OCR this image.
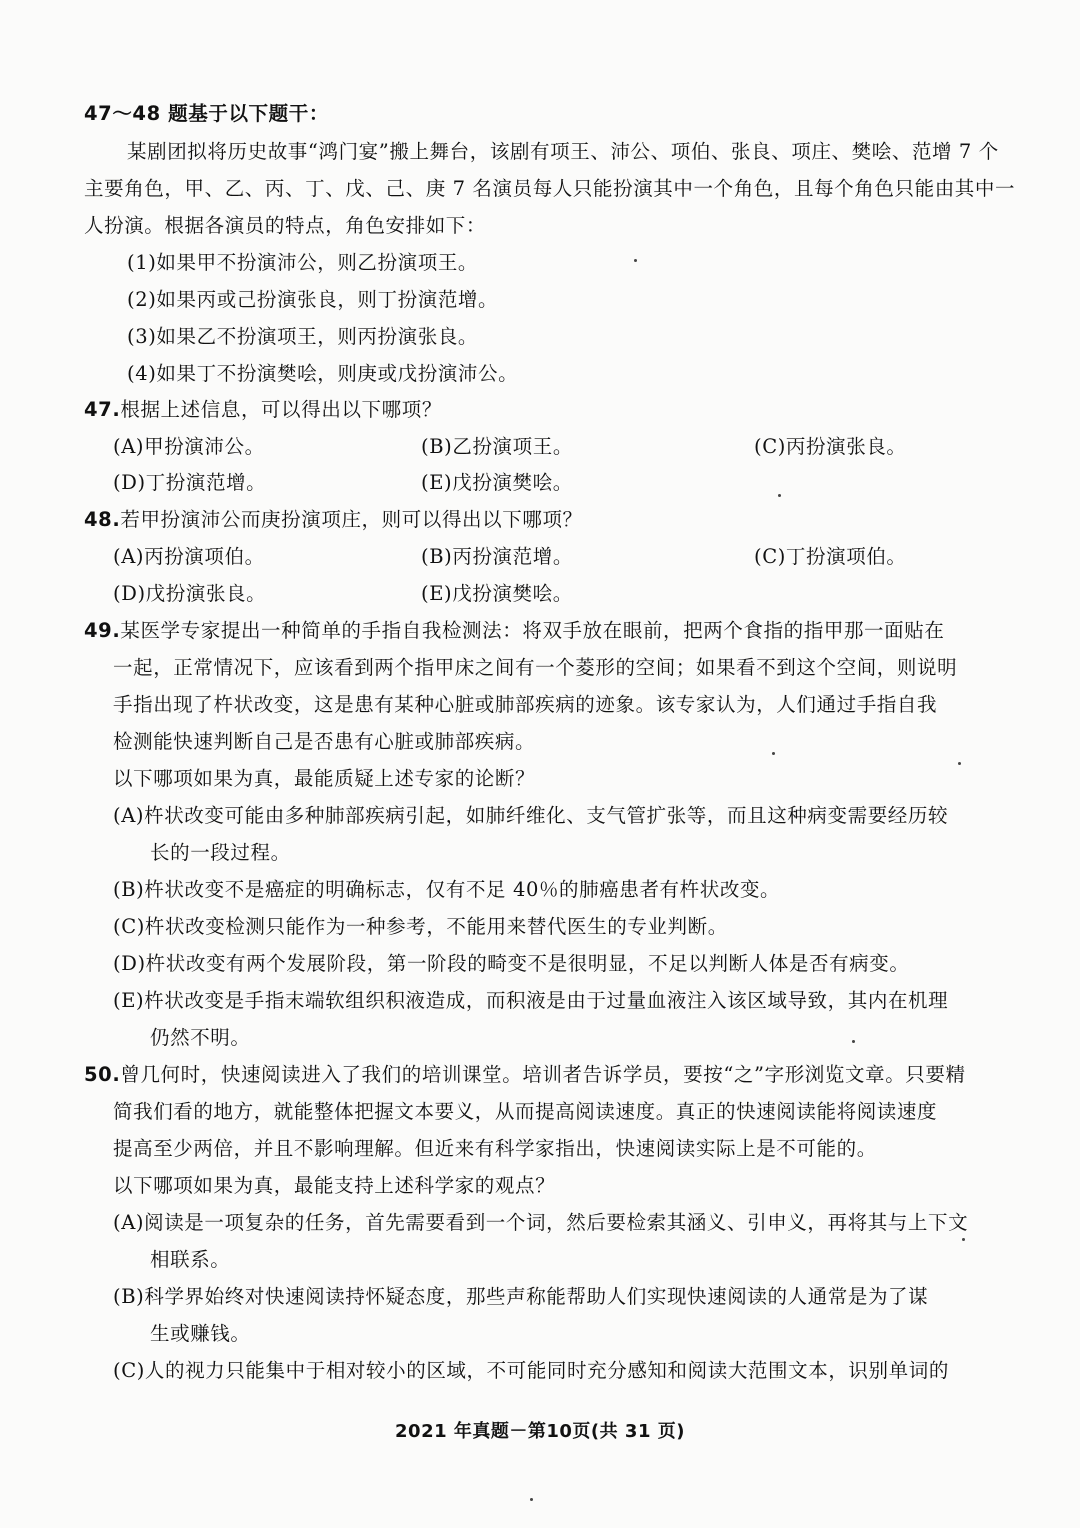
47～48 题基于以下题干：
某剧团拟将历史故事“鸿门宴”搬上舞台，该剧有项王、沛公、项伯、张良、项庄、樊哙、范增 7 个
主要角色，甲、乙、丙、丁、戊、己、庚 7 名演员每人只能扮演其中一个角色，且每个角色只能由其中一
人扮演。根据各演员的特点，角色安排如下：
(1)如果甲不扮演沛公，则乙扮演项王。
(2)如果丙或己扮演张良，则丁扮演范增。
(3)如果乙不扮演项王，则丙扮演张良。
(4)如果丁不扮演樊哙，则庚或戊扮演沛公。
47.根据上述信息，可以得出以下哪项？
(A)甲扮演沛公。	(B)乙扮演项王。	(C)丙扮演张良。
(D)丁扮演范增。	(E)戊扮演樊哙。
48.若甲扮演沛公而庚扮演项庄，则可以得出以下哪项？
(A)丙扮演项伯。	(B)丙扮演范增。	(C)丁扮演项伯。
(D)戊扮演张良。	(E)戊扮演樊哙。
49.某医学专家提出一种简单的手指自我检测法：将双手放在眼前，把两个食指的指甲那一面贴在
一起，正常情况下，应该看到两个指甲床之间有一个菱形的空间；如果看不到这个空间，则说明
手指出现了杵状改变，这是患有某种心脏或肺部疾病的迹象。该专家认为，人们通过手指自我
检测能快速判断自己是否患有心脏或肺部疾病。
以下哪项如果为真，最能质疑上述专家的论断？
(A)杵状改变可能由多种肺部疾病引起，如肺纤维化、支气管扩张等，而且这种病变需要经历较
长的一段过程。
(B)杵状改变不是癌症的明确标志，仅有不足 40％的肺癌患者有杵状改变。
(C)杵状改变检测只能作为一种参考，不能用来替代医生的专业判断。
(D)杵状改变有两个发展阶段，第一阶段的畸变不是很明显，不足以判断人体是否有病变。
(E)杵状改变是手指末端软组织积液造成，而积液是由于过量血液注入该区域导致，其内在机理
仍然不明。
50.曾几何时，快速阅读进入了我们的培训课堂。培训者告诉学员，要按“之”字形浏览文章。只要精
简我们看的地方，就能整体把握文本要义，从而提高阅读速度。真正的快速阅读能将阅读速度
提高至少两倍，并且不影响理解。但近来有科学家指出，快速阅读实际上是不可能的。
以下哪项如果为真，最能支持上述科学家的观点？
(A)阅读是一项复杂的任务，首先需要看到一个词，然后要检索其涵义、引申义，再将其与上下文
相联系。
(B)科学界始终对快速阅读持怀疑态度，那些声称能帮助人们实现快速阅读的人通常是为了谋
生或赚钱。
(C)人的视力只能集中于相对较小的区域，不可能同时充分感知和阅读大范围文本，识别单词的
2021 年真题－第10页(共 31 页)
